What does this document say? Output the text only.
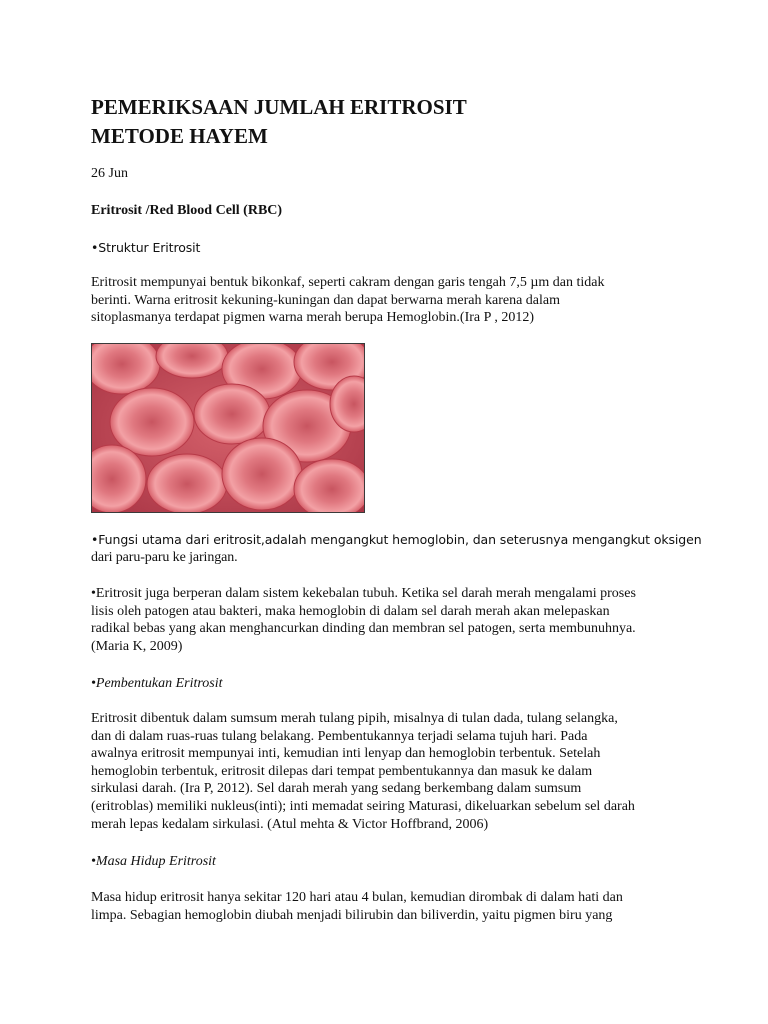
PEMERIKSAAN JUMLAH ERITROSIT
METODE HAYEM

26 Jun

Eritrosit /Red Blood Cell (RBC)

•Struktur Eritrosit

Eritrosit mempunyai bentuk bikonkaf, seperti cakram dengan garis tengah 7,5 µm dan tidak
berinti. Warna eritrosit kekuning-kuningan dan dapat berwarna merah karena dalam
sitoplasmanya terdapat pigmen warna merah berupa Hemoglobin.(Ira P , 2012)

•Fungsi utama dari eritrosit,adalah mengangkut hemoglobin, dan seterusnya mengangkut oksigen
dari paru-paru ke jaringan.

•Eritrosit juga berperan dalam sistem kekebalan tubuh. Ketika sel darah merah mengalami proses
lisis oleh patogen atau bakteri, maka hemoglobin di dalam sel darah merah akan melepaskan
radikal bebas yang akan menghancurkan dinding dan membran sel patogen, serta membunuhnya.
(Maria K, 2009)

•Pembentukan Eritrosit

Eritrosit dibentuk dalam sumsum merah tulang pipih, misalnya di tulan dada, tulang selangka,
dan di dalam ruas-ruas tulang belakang. Pembentukannya terjadi selama tujuh hari. Pada
awalnya eritrosit mempunyai inti, kemudian inti lenyap dan hemoglobin terbentuk. Setelah
hemoglobin terbentuk, eritrosit dilepas dari tempat pembentukannya dan masuk ke dalam
sirkulasi darah. (Ira P, 2012). Sel darah merah yang sedang berkembang dalam sumsum
(eritroblas) memiliki nukleus(inti); inti memadat seiring Maturasi, dikeluarkan sebelum sel darah
merah lepas kedalam sirkulasi. (Atul mehta & Victor Hoffbrand, 2006)

•Masa Hidup Eritrosit

Masa hidup eritrosit hanya sekitar 120 hari atau 4 bulan, kemudian dirombak di dalam hati dan
limpa. Sebagian hemoglobin diubah menjadi bilirubin dan biliverdin, yaitu pigmen biru yang
